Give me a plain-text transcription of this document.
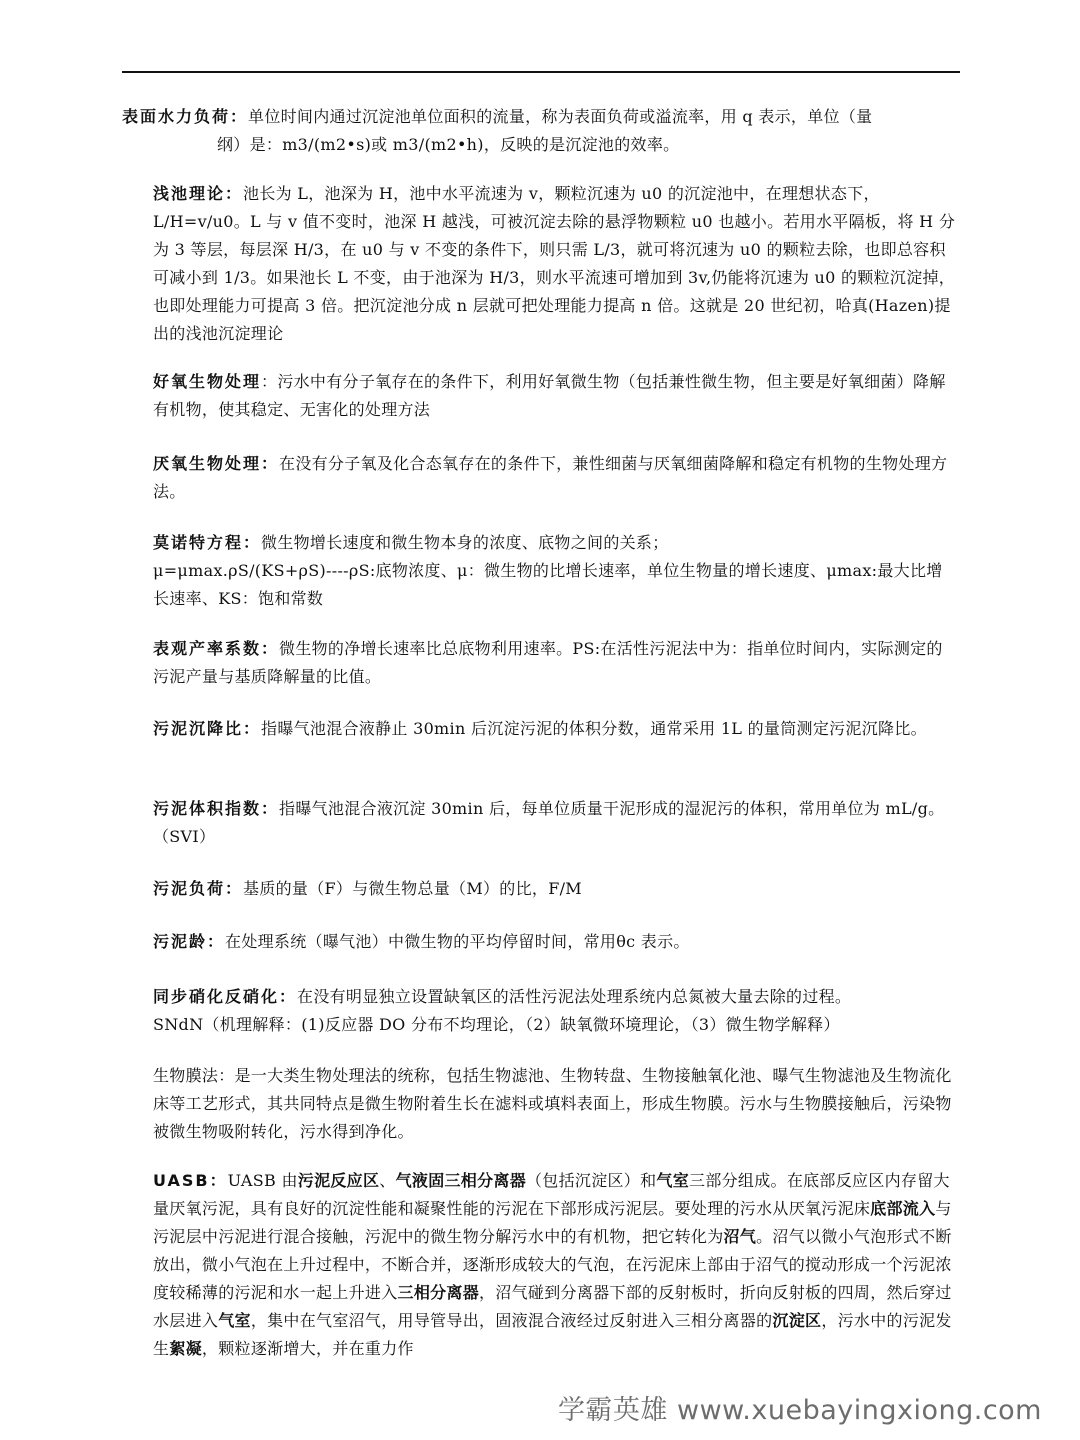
表面水力负荷：单位时间内通过沉淀池单位面积的流量，称为表面负荷或溢流率，用 q 表示，单位（量
纲）是：m3/(m2•s)或 m3/(m2•h)，反映的是沉淀池的效率。

浅池理论：池长为 L，池深为 H，池中水平流速为 v，颗粒沉速为 u0 的沉淀池中，在理想状态下，L/H=v/u0。L 与 v 值不变时，池深 H 越浅，可被沉淀去除的悬浮物颗粒 u0 也越小。若用水平隔板，将 H 分为 3 等层，每层深 H/3，在 u0 与 v 不变的条件下，则只需 L/3，就可将沉速为 u0 的颗粒去除，也即总容积可减小到 1/3。如果池长 L 不变，由于池深为 H/3，则水平流速可增加到 3v,仍能将沉速为 u0 的颗粒沉淀掉，也即处理能力可提高 3 倍。把沉淀池分成 n 层就可把处理能力提高 n 倍。这就是 20 世纪初，哈真(Hazen)提出的浅池沉淀理论

好氧生物处理：污水中有分子氧存在的条件下，利用好氧微生物（包括兼性微生物，但主要是好氧细菌）降解有机物，使其稳定、无害化的处理方法

厌氧生物处理：在没有分子氧及化合态氧存在的条件下，兼性细菌与厌氧细菌降解和稳定有机物的生物处理方法。

莫诺特方程：微生物增长速度和微生物本身的浓度、底物之间的关系；
μ=μmax.ρS/(KS+ρS)----ρS:底物浓度、μ：微生物的比增长速率，单位生物量的增长速度、μmax:最大比增长速率、KS：饱和常数

表观产率系数：微生物的净增长速率比总底物利用速率。PS:在活性污泥法中为：指单位时间内，实际测定的污泥产量与基质降解量的比值。

污泥沉降比：指曝气池混合液静止 30min 后沉淀污泥的体积分数，通常采用 1L 的量筒测定污泥沉降比。

污泥体积指数：指曝气池混合液沉淀 30min 后，每单位质量干泥形成的湿泥污的体积，常用单位为 mL/g。（SVI）

污泥负荷：基质的量（F）与微生物总量（M）的比，F/M

污泥龄：在处理系统（曝气池）中微生物的平均停留时间，常用θc 表示。

同步硝化反硝化：在没有明显独立设置缺氧区的活性污泥法处理系统内总氮被大量去除的过程。
SNdN（机理解释：(1)反应器 DO 分布不均理论，（2）缺氧微环境理论，（3）微生物学解释）

生物膜法：是一大类生物处理法的统称，包括生物滤池、生物转盘、生物接触氧化池、曝气生物滤池及生物流化床等工艺形式，其共同特点是微生物附着生长在滤料或填料表面上，形成生物膜。污水与生物膜接触后，污染物被微生物吸附转化，污水得到净化。

UASB：UASB 由污泥反应区、气液固三相分离器（包括沉淀区）和气室三部分组成。在底部反应区内存留大量厌氧污泥，具有良好的沉淀性能和凝聚性能的污泥在下部形成污泥层。要处理的污水从厌氧污泥床底部流入与污泥层中污泥进行混合接触，污泥中的微生物分解污水中的有机物，把它转化为沼气。沼气以微小气泡形式不断放出，微小气泡在上升过程中，不断合并，逐渐形成较大的气泡，在污泥床上部由于沼气的搅动形成一个污泥浓度较稀薄的污泥和水一起上升进入三相分离器，沼气碰到分离器下部的反射板时，折向反射板的四周，然后穿过水层进入气室，集中在气室沼气，用导管导出，固液混合液经过反射进入三相分离器的沉淀区，污水中的污泥发生絮凝，颗粒逐渐增大，并在重力作

学霸英雄 www.xuebayingxiong.com
